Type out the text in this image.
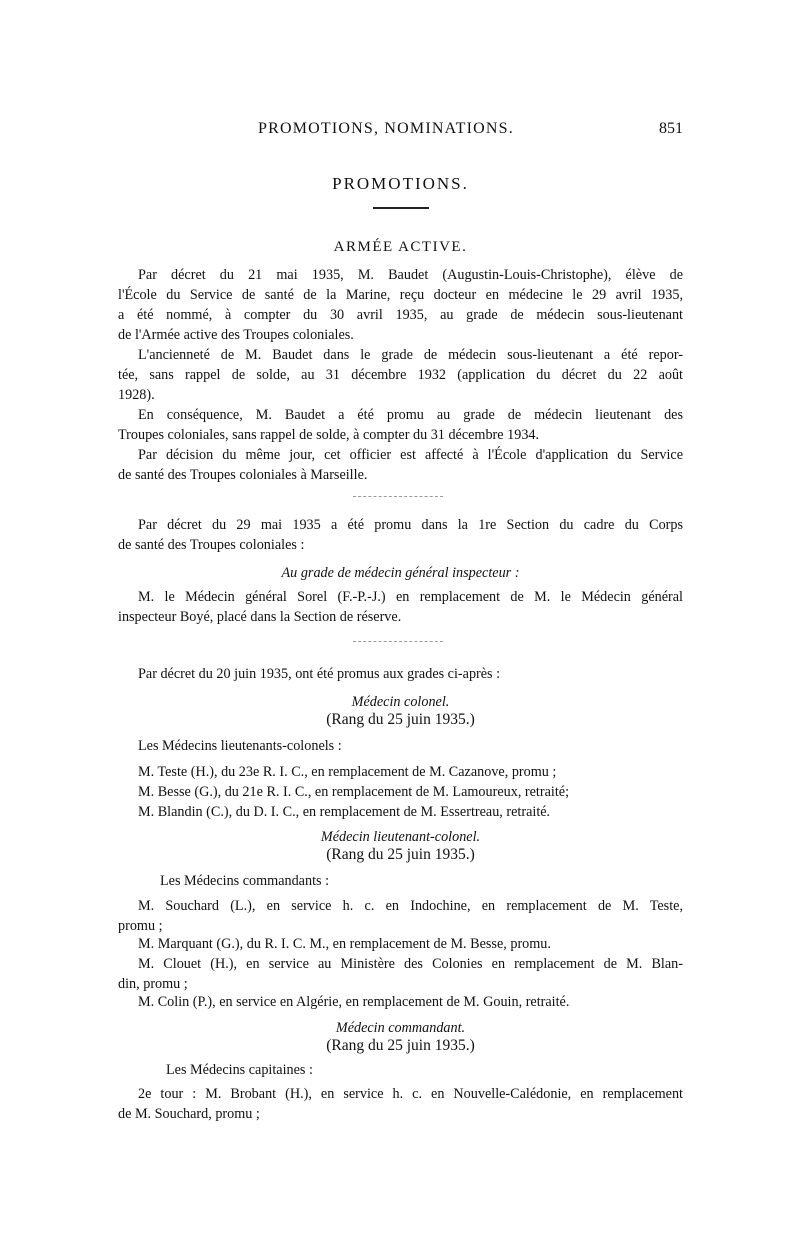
PROMOTIONS, NOMINATIONS.	851
PROMOTIONS.
ARMÉE ACTIVE.
Par décret du 21 mai 1935, M. Baudet (Augustin-Louis-Christophe), élève de
l'École du Service de santé de la Marine, reçu docteur en médecine le 29 avril 1935,
a été nommé, à compter du 30 avril 1935, au grade de médecin sous-lieutenant
de l'Armée active des Troupes coloniales.
L'ancienneté de M. Baudet dans le grade de médecin sous-lieutenant a été repor-
tée, sans rappel de solde, au 31 décembre 1932 (application du décret du 22 août
1928).
En conséquence, M. Baudet a été promu au grade de médecin lieutenant des
Troupes coloniales, sans rappel de solde, à compter du 31 décembre 1934.
Par décision du même jour, cet officier est affecté à l'École d'application du Service
de santé des Troupes coloniales à Marseille.
Par décret du 29 mai 1935 a été promu dans la 1re Section du cadre du Corps
de santé des Troupes coloniales :
Au grade de médecin général inspecteur :
M. le Médecin général Sorel (F.-P.-J.) en remplacement de M. le Médecin général
inspecteur Boyé, placé dans la Section de réserve.
Par décret du 20 juin 1935, ont été promus aux grades ci-après :
Médecin colonel.
(Rang du 25 juin 1935.)
Les Médecins lieutenants-colonels :
M. Teste (H.), du 23e R. I. C., en remplacement de M. Cazanove, promu ;
M. Besse (G.), du 21e R. I. C., en remplacement de M. Lamoureux, retraité;
M. Blandin (C.), du D. I. C., en remplacement de M. Essertreau, retraité.
Médecin lieutenant-colonel.
(Rang du 25 juin 1935.)
Les Médecins commandants :
M. Souchard (L.), en service h. c. en Indochine, en remplacement de M. Teste,
promu ;
M. Marquant (G.), du R. I. C. M., en remplacement de M. Besse, promu.
M. Clouet (H.), en service au Ministère des Colonies en remplacement de M. Blan-
din, promu ;
M. Colin (P.), en service en Algérie, en remplacement de M. Gouin, retraité.
Médecin commandant.
(Rang du 25 juin 1935.)
Les Médecins capitaines :
2e tour : M. Brobant (H.), en service h. c. en Nouvelle-Calédonie, en remplacement
de M. Souchard, promu ;
